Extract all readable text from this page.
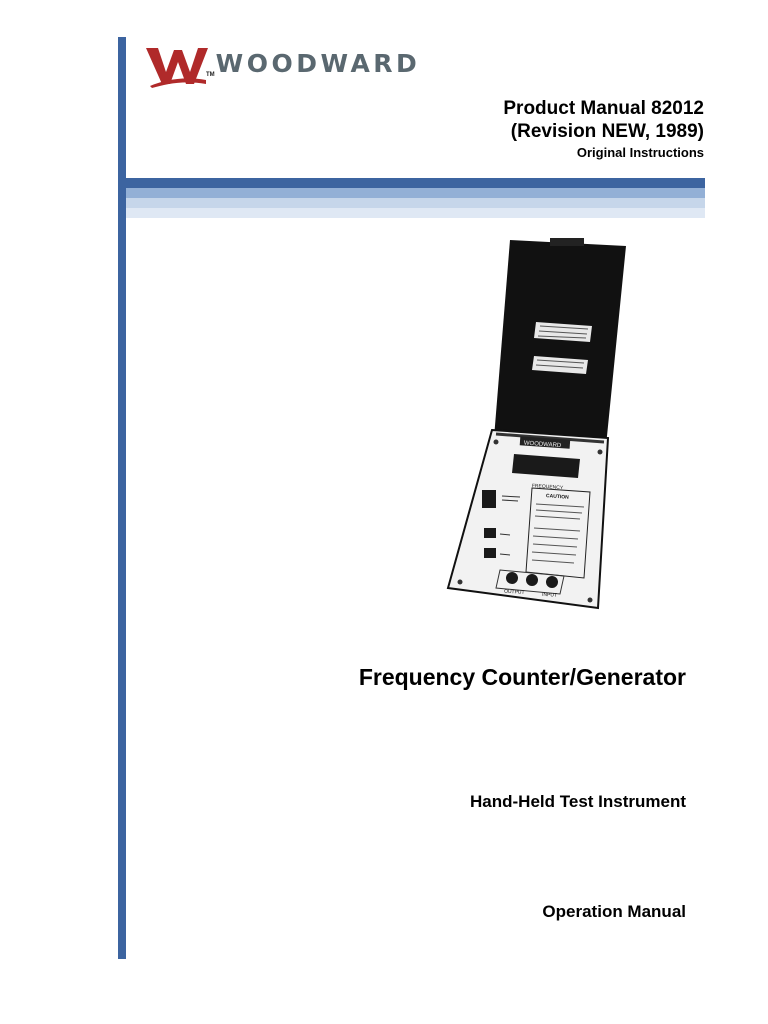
TM WOODWARD
Product Manual 82012
(Revision NEW, 1989)
Original Instructions
WOODWARD
FREQUENCY
CAUTION
OUTPUT	INPUT
Frequency Counter/Generator
Hand-Held Test Instrument
Operation Manual
